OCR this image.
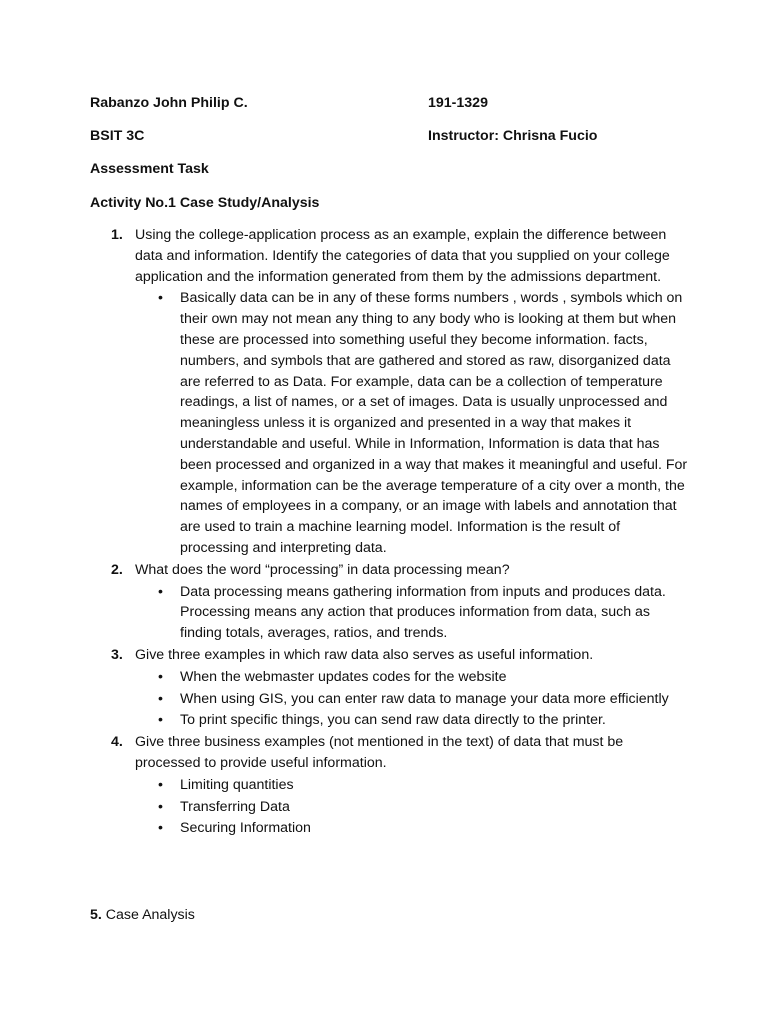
Rabanzo John Philip C.	191-1329
BSIT 3C	Instructor: Chrisna Fucio
Assessment Task
Activity No.1 Case Study/Analysis
1. Using the college-application process as an example, explain the difference between data and information. Identify the categories of data that you supplied on your college application and the information generated from them by the admissions department.
• Basically data can be in any of these forms numbers , words , symbols which on their own may not mean any thing to any body who is looking at them but when these are processed into something useful they become information. facts, numbers, and symbols that are gathered and stored as raw, disorganized data are referred to as Data. For example, data can be a collection of temperature readings, a list of names, or a set of images. Data is usually unprocessed and meaningless unless it is organized and presented in a way that makes it understandable and useful. While in Information, Information is data that has been processed and organized in a way that makes it meaningful and useful. For example, information can be the average temperature of a city over a month, the names of employees in a company, or an image with labels and annotation that are used to train a machine learning model. Information is the result of processing and interpreting data.
2. What does the word “processing” in data processing mean?
• Data processing means gathering information from inputs and produces data. Processing means any action that produces information from data, such as finding totals, averages, ratios, and trends.
3. Give three examples in which raw data also serves as useful information.
• When the webmaster updates codes for the website
• When using GIS, you can enter raw data to manage your data more efficiently
• To print specific things, you can send raw data directly to the printer.
4. Give three business examples (not mentioned in the text) of data that must be processed to provide useful information.
• Limiting quantities
• Transferring Data
• Securing Information
5. Case Analysis
